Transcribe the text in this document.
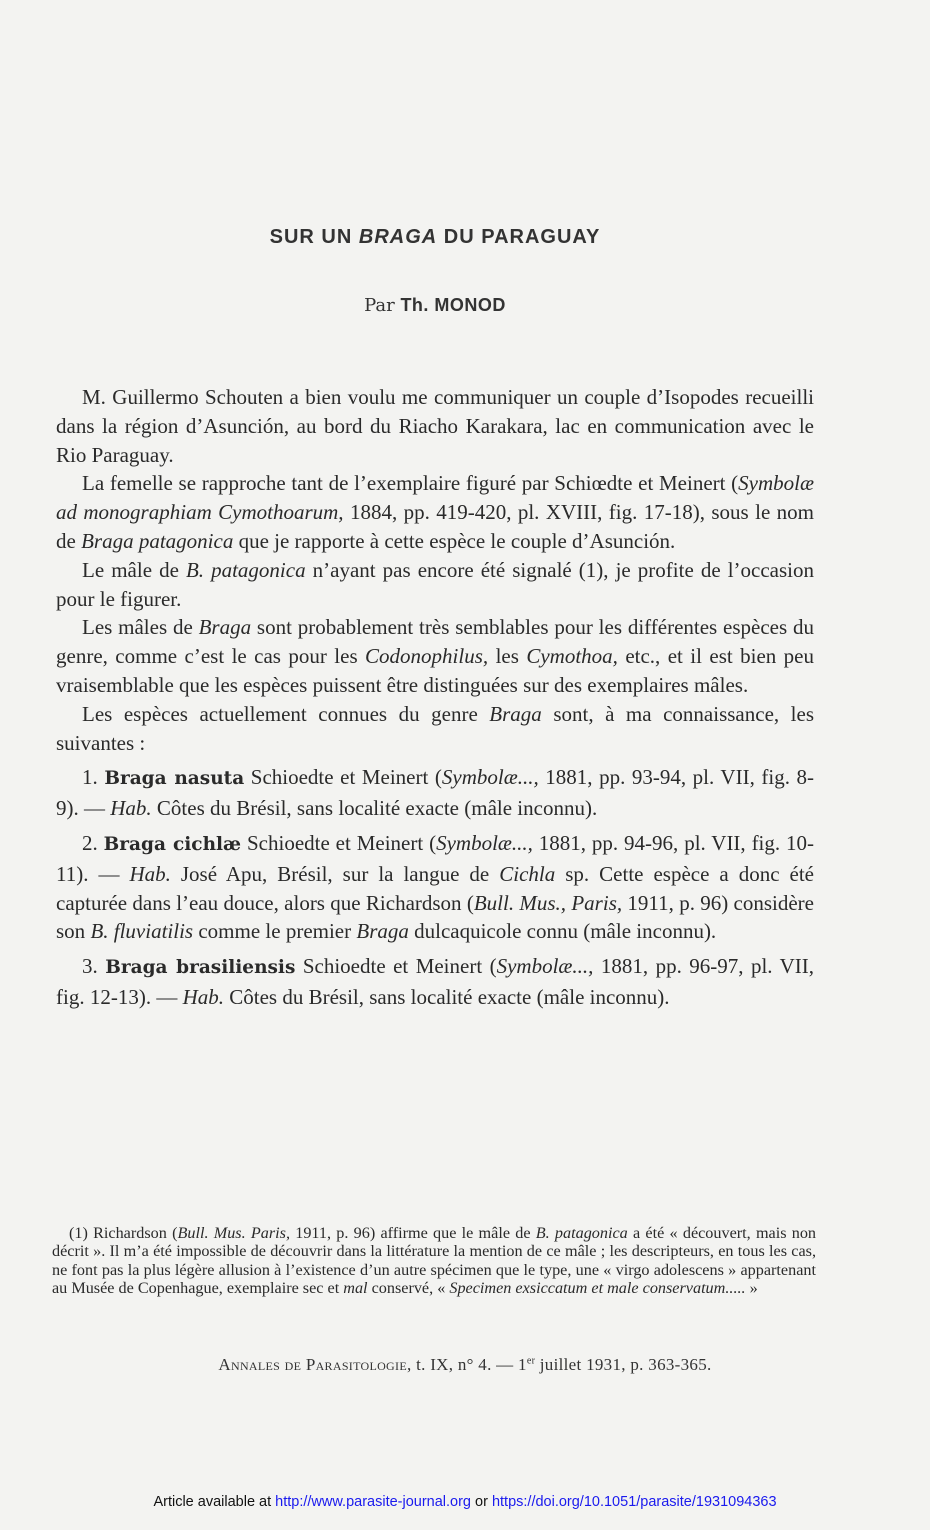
SUR UN BRAGA DU PARAGUAY
Par Th. MONOD

M. Guillermo Schouten a bien voulu me communiquer un couple d’Isopodes recueilli dans la région d’Asunción, au bord du Riacho Karakara, lac en communication avec le Rio Paraguay.

La femelle se rapproche tant de l’exemplaire figuré par Schiœdte et Meinert (Symbolæ ad monographiam Cymothoarum, 1884, pp. 419-420, pl. XVIII, fig. 17-18), sous le nom de Braga patagonica que je rapporte à cette espèce le couple d’Asunción.

Le mâle de B. patagonica n’ayant pas encore été signalé (1), je profite de l’occasion pour le figurer.

Les mâles de Braga sont probablement très semblables pour les différentes espèces du genre, comme c’est le cas pour les Codonophilus, les Cymothoa, etc., et il est bien peu vraisemblable que les espèces puissent être distinguées sur des exemplaires mâles.

Les espèces actuellement connues du genre Braga sont, à ma connaissance, les suivantes :

1. Braga nasuta Schioedte et Meinert (Symbolæ..., 1881, pp. 93-94, pl. VII, fig. 8-9). — Hab. Côtes du Brésil, sans localité exacte (mâle inconnu).

2. Braga cichlæ Schioedte et Meinert (Symbolæ..., 1881, pp. 94-96, pl. VII, fig. 10-11). — Hab. José Apu, Brésil, sur la langue de Cichla sp. Cette espèce a donc été capturée dans l’eau douce, alors que Richardson (Bull. Mus., Paris, 1911, p. 96) considère son B. fluviatilis comme le premier Braga dulcaquicole connu (mâle inconnu).

3. Braga brasiliensis Schioedte et Meinert (Symbolæ..., 1881, pp. 96-97, pl. VII, fig. 12-13). — Hab. Côtes du Brésil, sans localité exacte (mâle inconnu).

(1) Richardson (Bull. Mus. Paris, 1911, p. 96) affirme que le mâle de B. patagonica a été « découvert, mais non décrit ». Il m’a été impossible de découvrir dans la littérature la mention de ce mâle ; les descripteurs, en tous les cas, ne font pas la plus légère allusion à l’existence d’un autre spécimen que le type, une « virgo adolescens » appartenant au Musée de Copenhague, exemplaire sec et mal conservé, « Specimen exsiccatum et male conservatum..... »

Annales de Parasitologie, t. IX, n° 4. — 1er juillet 1931, p. 363-365.
Article available at http://www.parasite-journal.org or https://doi.org/10.1051/parasite/1931094363
